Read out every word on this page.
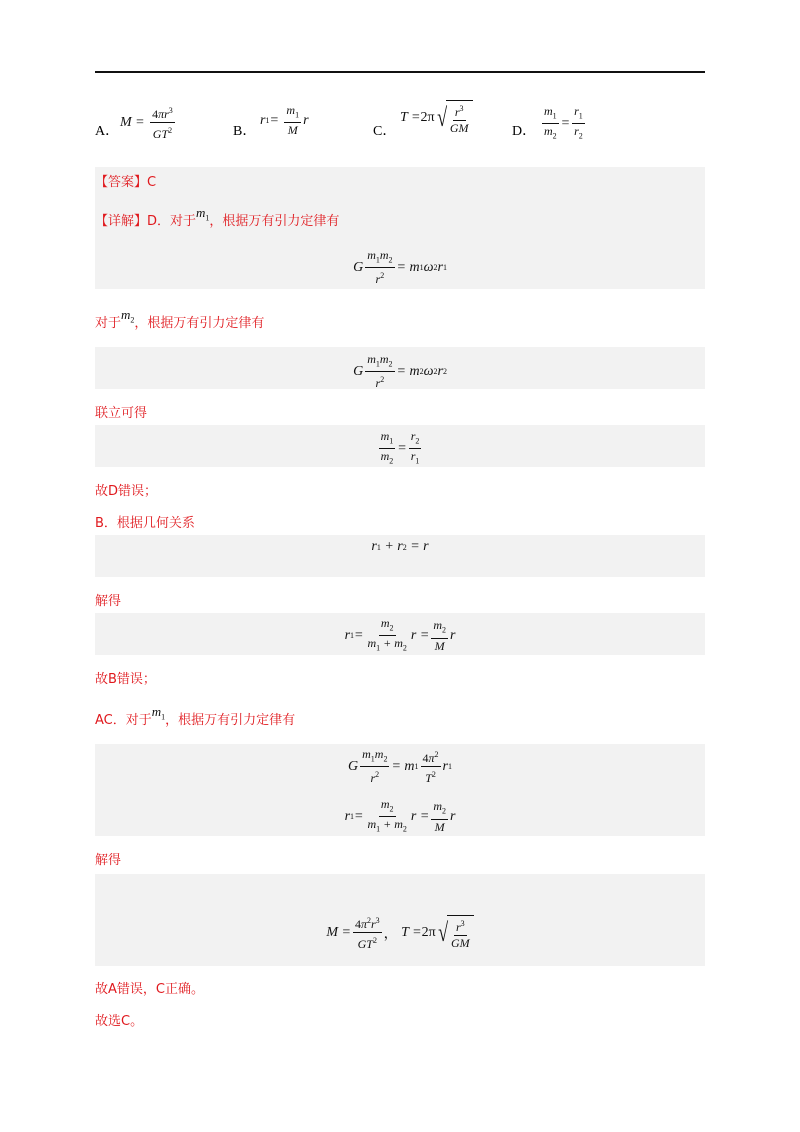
A．
$M = \frac{4\pi r^3}{GT^2}$	B．
r $1 = \frac{m_1}{M}$ r
C．
T = 2π √ $\frac{r^3}{GM}$	D． $\frac{m_1}{m_2} = \frac{r_1}{r_2}$
G $\frac{m_1m_2}{r^2} = m$ 1 ω 2 r 1
【答案】C
【详解】D．对于$m_1$，根据万有引力定律有
对于$m_2$，根据万有引力定律有
G $\frac{m_1m_2}{r^2} = m$ 2 ω 2 r 2
联立可得
$\frac{m_1}{m_2} = \frac{r_2}{r_1}$
故D错误；
B．根据几何关系
r 1 + r 2 = r
解得
r $1 = \frac{m_2}{m_1 + m_2}$ $r = \frac{m_2}{M}$ r
故B错误；
AC．对于$m_1$，根据万有引力定律有
G $\frac{m_1m_2}{r^2} = m$ $1 \frac{4\pi^2}{T^2}$ r 1
r $1 = \frac{m_2}{m_1 + m_2}$ $r = \frac{m_2}{M}$ r
解得
$M = \frac{4\pi^2r^3}{GT^2}$ ， T = 2π √ $\frac{r^3}{GM}$
故A错误，C正确。
故选C。
